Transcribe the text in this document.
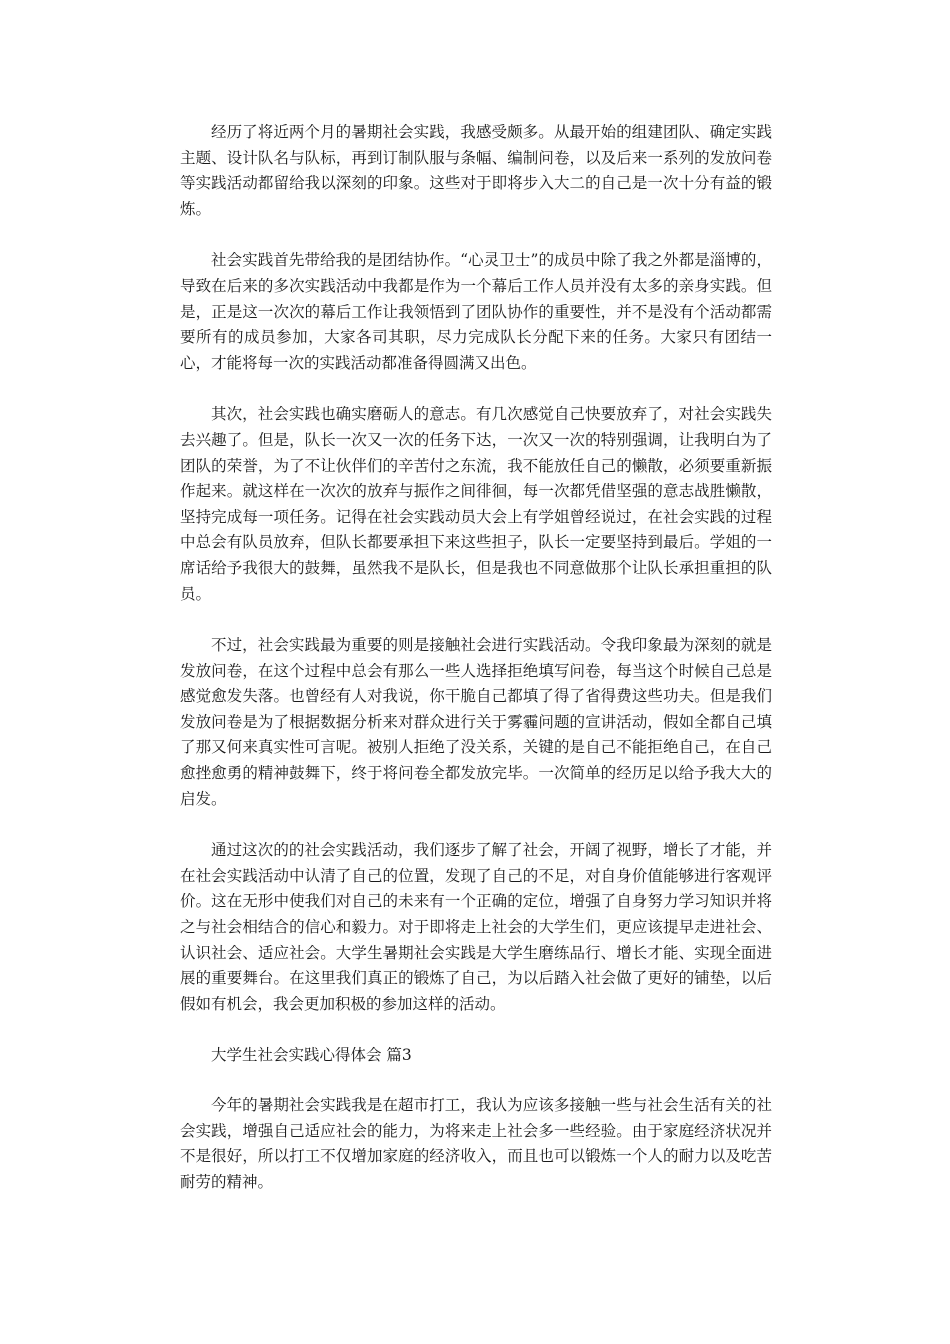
经历了将近两个月的暑期社会实践，我感受颇多。从最开始的组建团队、确定实践主题、设计队名与队标，再到订制队服与条幅、编制问卷，以及后来一系列的发放问卷等实践活动都留给我以深刻的印象。这些对于即将步入大二的自己是一次十分有益的锻炼。

社会实践首先带给我的是团结协作。“心灵卫士”的成员中除了我之外都是淄博的，导致在后来的多次实践活动中我都是作为一个幕后工作人员并没有太多的亲身实践。但是，正是这一次次的幕后工作让我领悟到了团队协作的重要性，并不是没有个活动都需要所有的成员参加，大家各司其职，尽力完成队长分配下来的任务。大家只有团结一心，才能将每一次的实践活动都准备得圆满又出色。

其次，社会实践也确实磨砺人的意志。有几次感觉自己快要放弃了，对社会实践失去兴趣了。但是，队长一次又一次的任务下达，一次又一次的特别强调，让我明白为了团队的荣誉，为了不让伙伴们的辛苦付之东流，我不能放任自己的懒散，必须要重新振作起来。就这样在一次次的放弃与振作之间徘徊，每一次都凭借坚强的意志战胜懒散，坚持完成每一项任务。记得在社会实践动员大会上有学姐曾经说过，在社会实践的过程中总会有队员放弃，但队长都要承担下来这些担子，队长一定要坚持到最后。学姐的一席话给予我很大的鼓舞，虽然我不是队长，但是我也不同意做那个让队长承担重担的队员。

不过，社会实践最为重要的则是接触社会进行实践活动。令我印象最为深刻的就是发放问卷，在这个过程中总会有那么一些人选择拒绝填写问卷，每当这个时候自己总是感觉愈发失落。也曾经有人对我说，你干脆自己都填了得了省得费这些功夫。但是我们发放问卷是为了根据数据分析来对群众进行关于雾霾问题的宣讲活动，假如全都自己填了那又何来真实性可言呢。被别人拒绝了没关系，关键的是自己不能拒绝自己，在自己愈挫愈勇的精神鼓舞下，终于将问卷全都发放完毕。一次简单的经历足以给予我大大的启发。

通过这次的的社会实践活动，我们逐步了解了社会，开阔了视野，增长了才能，并在社会实践活动中认清了自己的位置，发现了自己的不足，对自身价值能够进行客观评价。这在无形中使我们对自己的未来有一个正确的定位，增强了自身努力学习知识并将之与社会相结合的信心和毅力。对于即将走上社会的大学生们，更应该提早走进社会、认识社会、适应社会。大学生暑期社会实践是大学生磨练品行、增长才能、实现全面进展的重要舞台。在这里我们真正的锻炼了自己，为以后踏入社会做了更好的铺垫，以后假如有机会，我会更加积极的参加这样的活动。

大学生社会实践心得体会 篇3

今年的暑期社会实践我是在超市打工，我认为应该多接触一些与社会生活有关的社会实践，增强自己适应社会的能力，为将来走上社会多一些经验。由于家庭经济状况并不是很好，所以打工不仅增加家庭的经济收入，而且也可以锻炼一个人的耐力以及吃苦耐劳的精神。
